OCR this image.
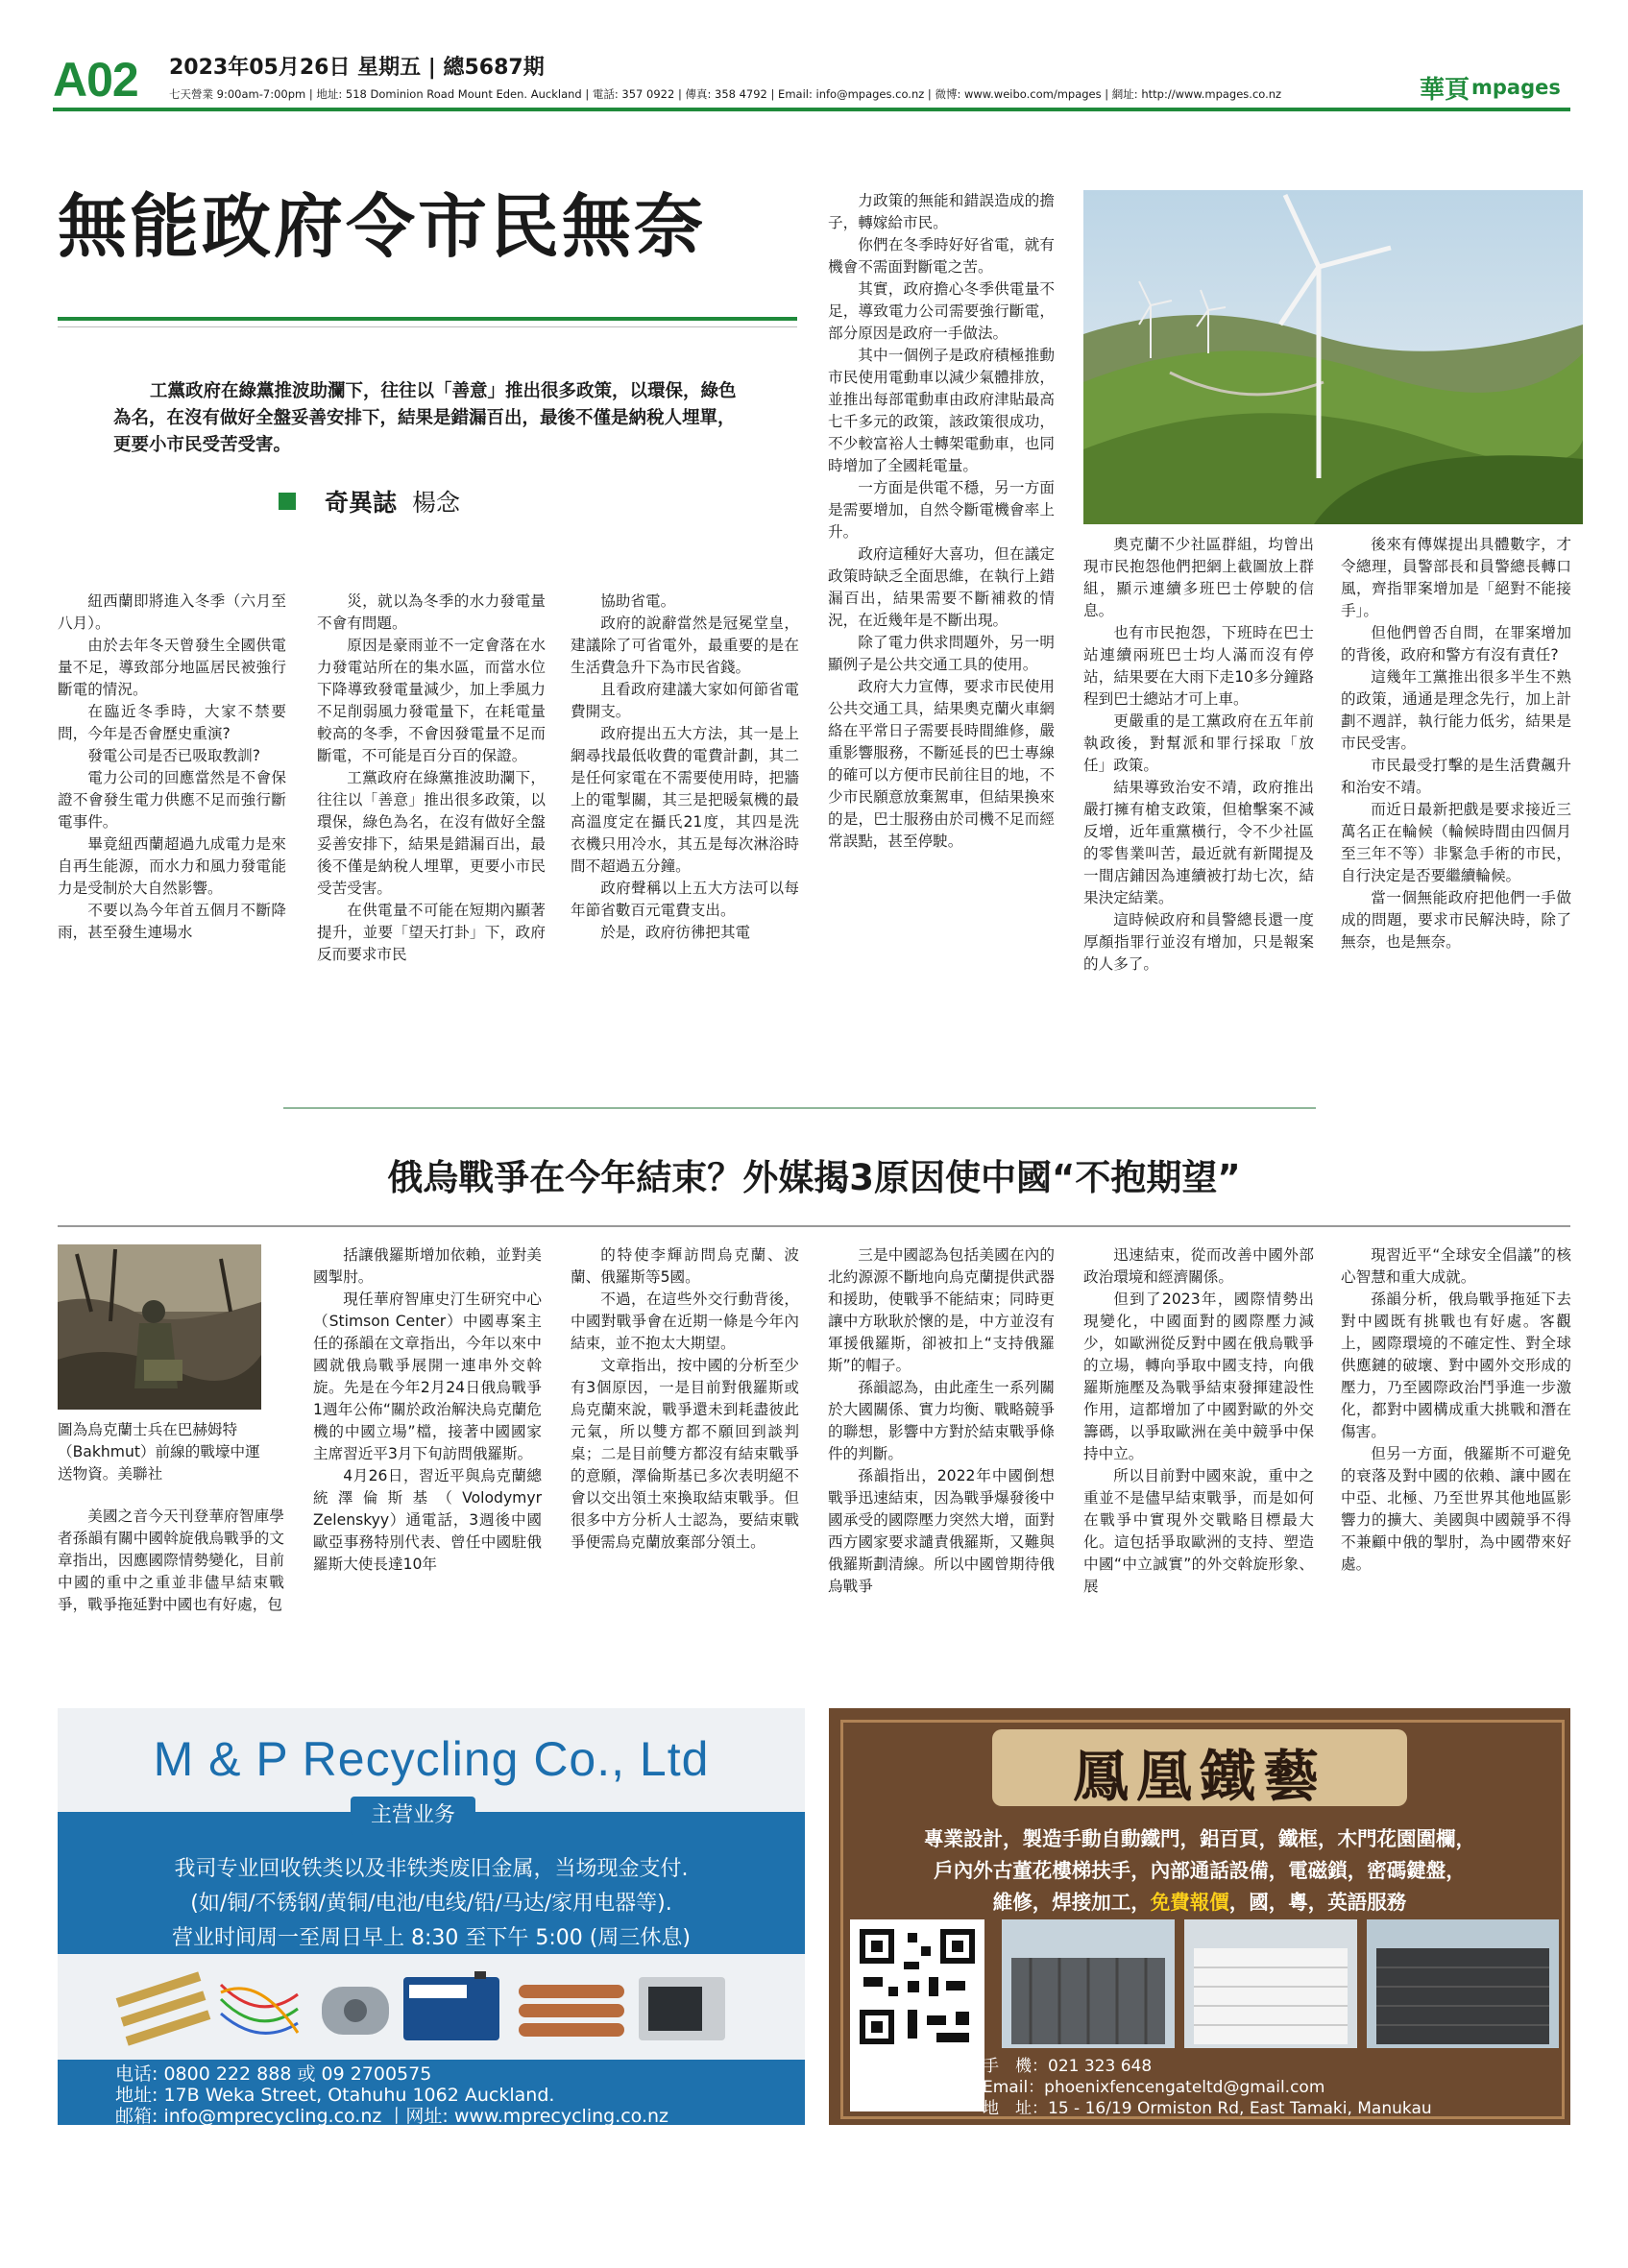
A02 2023年05月26日 星期五 | 總5687期
七天營業 9:00am-7:00pm | 地址: 518 Dominion Road Mount Eden. Auckland | 電話: 357 0922 | 傳真: 358 4792 | Email: info@mpages.co.nz | 微博: www.weibo.com/mpages | 網址: http://www.mpages.co.nz	華頁 mpages
無能政府令市民無奈
工黨政府在綠黨推波助瀾下，往往以「善意」推出很多政策，以環保，綠色為名，在沒有做好全盤妥善安排下，結果是錯漏百出，最後不僅是納稅人埋單，更要小市民受苦受害。
奇異誌 楊念

紐西蘭即將進入冬季（六月至八月）。

由於去年冬天曾發生全國供電量不足，導致部分地區居民被強行斷電的情況。

在臨近冬季時，大家不禁要問，今年是否會歷史重演?

發電公司是否已吸取教訓?

電力公司的回應當然是不會保證不會發生電力供應不足而強行斷電事件。

畢竟紐西蘭超過九成電力是來自再生能源，而水力和風力發電能力是受制於大自然影響。

不要以為今年首五個月不斷降雨，甚至發生連場水

災，就以為冬季的水力發電量不會有問題。

原因是豪雨並不一定會落在水力發電站所在的集水區，而當水位下降導致發電量減少，加上季風力不足削弱風力發電量下，在耗電量較高的冬季，不會因發電量不足而斷電，不可能是百分百的保證。

工黨政府在綠黨推波助瀾下，往往以「善意」推出很多政策，以環保，綠色為名，在沒有做好全盤妥善安排下，結果是錯漏百出，最後不僅是納稅人埋單，更要小市民受苦受害。

在供電量不可能在短期內顯著提升，並要「望天打卦」下，政府反而要求市民

協助省電。

政府的說辭當然是冠冕堂皇，建議除了可省電外，最重要的是在生活費急升下為市民省錢。

且看政府建議大家如何節省電費開支。

政府提出五大方法，其一是上網尋找最低收費的電費計劃，其二是任何家電在不需要使用時，把牆上的電掣關，其三是把暖氣機的最高溫度定在攝氏21度，其四是洗衣機只用冷水，其五是每次淋浴時間不超過五分鐘。

政府聲稱以上五大方法可以每年節省數百元電費支出。

於是，政府彷彿把其電

力政策的無能和錯誤造成的擔子，轉嫁給市民。

你們在冬季時好好省電，就有機會不需面對斷電之苦。

其實，政府擔心冬季供電量不足，導致電力公司需要強行斷電，部分原因是政府一手做法。

其中一個例子是政府積極推動市民使用電動車以減少氣體排放，並推出每部電動車由政府津貼最高七千多元的政策，該政策很成功，不少較富裕人士轉架電動車，也同時增加了全國耗電量。

一方面是供電不穩，另一方面是需要增加，自然令斷電機會率上升。

政府這種好大喜功，但在議定政策時缺乏全面思維，在執行上錯漏百出，結果需要不斷補救的情況，在近幾年是不斷出現。

除了電力供求問題外，另一明顯例子是公共交通工具的使用。

政府大力宣傳，要求市民使用公共交通工具，結果奧克蘭火車網絡在平常日子需要長時間維修，嚴重影響服務，不斷延長的巴士專線的確可以方便市民前往目的地，不少市民願意放棄駕車，但結果換來的是，巴士服務由於司機不足而經常誤點，甚至停駛。

奧克蘭不少社區群組，均曾出現市民抱怨他們把網上截圖放上群組，顯示連續多班巴士停駛的信息。

也有市民抱怨，下班時在巴士站連續兩班巴士均人滿而沒有停站，結果要在大雨下走10多分鐘路程到巴士總站才可上車。

更嚴重的是工黨政府在五年前執政後，對幫派和罪行採取「放任」政策。

結果導致治安不靖，政府推出嚴打擁有槍支政策，但槍擊案不減反增，近年重黨橫行，令不少社區的零售業叫苦，最近就有新聞提及一間店鋪因為連續被打劫七次，結果決定結業。

這時候政府和員警總長還一度厚顏指罪行並沒有增加，只是報案的人多了。

後來有傳媒提出具體數字，才令總理，員警部長和員警總長轉口風，齊指罪案增加是「絕對不能接手」。

但他們曾否自問，在罪案增加的背後，政府和警方有沒有責任?

這幾年工黨推出很多半生不熟的政策，通通是理念先行，加上計劃不週詳，執行能力低劣，結果是市民受害。

市民最受打擊的是生活費飆升和治安不靖。

而近日最新把戲是要求接近三萬名正在輪候（輪候時間由四個月至三年不等）非緊急手術的市民，自行決定是否要繼續輪候。

當一個無能政府把他們一手做成的問題，要求市民解決時，除了無奈，也是無奈。

俄烏戰爭在今年結束？外媒揭3原因使中國“不抱期望”
圖為烏克蘭士兵在巴赫姆特（Bakhmut）前線的戰壕中運送物資。美聯社

美國之音今天刊登華府智庫學者孫韻有關中國斡旋俄烏戰爭的文章指出，因應國際情勢變化，目前中國的重中之重並非儘早結束戰爭，戰爭拖延對中國也有好處，包

括讓俄羅斯增加依賴，並對美國掣肘。

現任華府智庫史汀生研究中心（Stimson Center）中國專案主任的孫韻在文章指出，今年以來中國就俄烏戰爭展開一連串外交斡旋。先是在今年2月24日俄烏戰爭1週年公佈“關於政治解決烏克蘭危機的中國立場”檔，接著中國國家主席習近平3月下旬訪問俄羅斯。

4月26日，習近平與烏克蘭總統澤倫斯基（Volodymyr Zelenskyy）通電話，3週後中國歐亞事務特別代表、曾任中國駐俄羅斯大使長達10年

的特使李輝訪問烏克蘭、波蘭、俄羅斯等5國。

不過，在這些外交行動背後，中國對戰爭會在近期一條是今年內結束，並不抱太大期望。

文章指出，按中國的分析至少有3個原因，一是目前對俄羅斯或烏克蘭來說，戰爭還未到耗盡彼此元氣，所以雙方都不願回到談判桌；二是目前雙方都沒有結束戰爭的意願，澤倫斯基已多次表明絕不會以交出領土來換取結束戰爭。但很多中方分析人士認為，要結束戰爭便需烏克蘭放棄部分領土。

三是中國認為包括美國在內的北約源源不斷地向烏克蘭提供武器和援助，使戰爭不能結束；同時更讓中方耿耿於懷的是，中方並沒有軍援俄羅斯，卻被扣上“支持俄羅斯”的帽子。

孫韻認為，由此產生一系列關於大國關係、實力均衡、戰略競爭的聯想，影響中方對於結束戰爭條件的判斷。

孫韻指出，2022年中國倒想戰爭迅速結束，因為戰爭爆發後中國承受的國際壓力突然大增，面對西方國家要求譴責俄羅斯，又難與俄羅斯劃清線。所以中國曾期待俄烏戰爭

迅速結束，從而改善中國外部政治環境和經濟關係。

但到了2023年，國際情勢出現變化，中國面對的國際壓力減少，如歐洲從反對中國在俄烏戰爭的立場，轉向爭取中國支持，向俄羅斯施壓及為戰爭結束發揮建設性作用，這都增加了中國對歐的外交籌碼，以爭取歐洲在美中競爭中保持中立。

所以目前對中國來說，重中之重並不是儘早結束戰爭，而是如何在戰爭中實現外交戰略目標最大化。這包括爭取歐洲的支持、塑造中國“中立誠實”的外交斡旋形象、展

現習近平“全球安全倡議”的核心智慧和重大成就。

孫韻分析，俄烏戰爭拖延下去對中國既有挑戰也有好處。客觀上，國際環境的不確定性、對全球供應鏈的破壞、對中國外交形成的壓力，乃至國際政治鬥爭進一步激化，都對中國構成重大挑戰和潛在傷害。

但另一方面，俄羅斯不可避免的衰落及對中國的依賴、讓中國在中亞、北極、乃至世界其他地區影響力的擴大、美國與中國競爭不得不兼顧中俄的掣肘，為中國帶來好處。

M & P Recycling Co., Ltd
我司专业回收铁类以及非铁类废旧金属，当场现金支付.
(如/铜/不锈钢/黄铜/电池/电线/铅/马达/家用电器等).
营业时间周一至周日早上 8:30 至下午 5:00 (周三休息)
主营业务
电话: 0800 222 888 或 09 2700575
地址: 17B Weka Street, Otahuhu 1062 Auckland.
邮箱: info@mprecycling.co.nz 丨网址: www.mprecycling.co.nz
鳳凰鐵藝
專業設計，製造手動自動鐵門，鋁百頁，鐵框，木門花園圍欄，
戶內外古董花樓梯扶手，內部通話設備，電磁鎖，密碼鍵盤，
維修，焊接加工，免費報價，國，粵，英語服務
手　機：021 323 648
Email：phoenixfencengateltd@gmail.com
地　址：15 - 16/19 Ormiston Rd, East Tamaki, Manukau
